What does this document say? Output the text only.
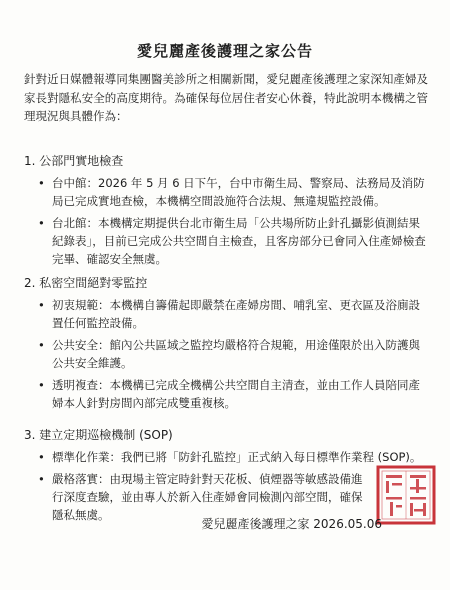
愛兒麗產後護理之家公告
針對近日媒體報導同集團醫美診所之相關新聞，愛兒麗產後護理之家深知產婦及家長對隱私安全的高度期待。為確保每位居住者安心休養，特此說明本機構之管理現況與具體作為：
1. 公部門實地檢查
• 台中館：2026 年 5 月 6 日下午，台中市衛生局、警察局、法務局及消防局已完成實地查檢，本機構空間設施符合法規、無違規監控設備。
• 台北館：本機構定期提供台北市衛生局「公共場所防止針孔攝影偵測結果紀錄表」，目前已完成公共空間自主檢查，且客房部分已會同入住產婦檢查完畢、確認安全無虞。
2. 私密空間絕對零監控
• 初衷規範：本機構自籌備起即嚴禁在產婦房間、哺乳室、更衣區及浴廁設置任何監控設備。
• 公共安全：館內公共區域之監控均嚴格符合規範，用途僅限於出入防護與公共安全維護。
• 透明複查：本機構已完成全機構公共空間自主清查，並由工作人員陪同產婦本人針對房間內部完成雙重複核。
3. 建立定期巡檢機制 (SOP)
• 標準化作業：我們已將「防針孔監控」正式納入每日標準作業程 (SOP)。
• 嚴格落實：由現場主管定時針對天花板、偵煙器等敏感設備進行深度查驗，並由專人於新入住產婦會同檢測內部空間，確保隱私無虞。
愛兒麗產後護理之家 2026.05.06
